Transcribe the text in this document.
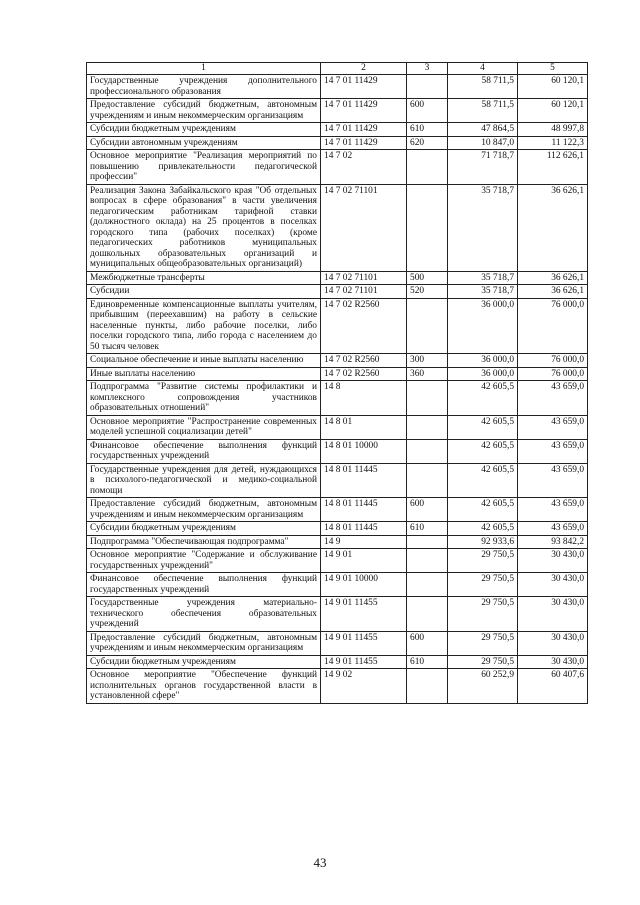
1	2	3	4	5
Государственные учреждения дополнительного профессионального образования	14 7 01 11429		58 711,5	60 120,1
Предоставление субсидий бюджетным, автономным учреждениям и иным некоммерческим организациям	14 7 01 11429	600	58 711,5	60 120,1
Субсидии бюджетным учреждениям	14 7 01 11429	610	47 864,5	48 997,8
Субсидии автономным учреждениям	14 7 01 11429	620	10 847,0	11 122,3
Основное мероприятие "Реализация мероприятий по повышению привлекательности педагогической профессии"	14 7 02		71 718,7	112 626,1
Реализация Закона Забайкальского края "Об отдельных вопросах в сфере образования" в части увеличения педагогическим работникам тарифной ставки (должностного оклада) на 25 процентов в поселках городского типа (рабочих поселках) (кроме педагогических работников муниципальных дошкольных образовательных организаций и муниципальных общеобразовательных организаций)	14 7 02 71101		35 718,7	36 626,1
Межбюджетные трансферты	14 7 02 71101	500	35 718,7	36 626,1
Субсидии	14 7 02 71101	520	35 718,7	36 626,1
Единовременные компенсационные выплаты учителям, прибывшим (переехавшим) на работу в сельские населенные пункты, либо рабочие поселки, либо поселки городского типа, либо города с населением до 50 тысяч человек	14 7 02 R2560		36 000,0	76 000,0
Социальное обеспечение и иные выплаты населению	14 7 02 R2560	300	36 000,0	76 000,0
Иные выплаты населению	14 7 02 R2560	360	36 000,0	76 000,0
Подпрограмма "Развитие системы профилактики и комплексного сопровождения участников образовательных отношений"	14 8		42 605,5	43 659,0
Основное мероприятие "Распространение современных моделей успешной социализации детей"	14 8 01		42 605,5	43 659,0
Финансовое обеспечение выполнения функций государственных учреждений	14 8 01 10000		42 605,5	43 659,0
Государственные учреждения для детей, нуждающихся в психолого-педагогической и медико-социальной помощи	14 8 01 11445		42 605,5	43 659,0
Предоставление субсидий бюджетным, автономным учреждениям и иным некоммерческим организациям	14 8 01 11445	600	42 605,5	43 659,0
Субсидии бюджетным учреждениям	14 8 01 11445	610	42 605,5	43 659,0
Подпрограмма "Обеспечивающая подпрограмма"	14 9		92 933,6	93 842,2
Основное мероприятие "Содержание и обслуживание государственных учреждений"	14 9 01		29 750,5	30 430,0
Финансовое обеспечение выполнения функций государственных учреждений	14 9 01 10000		29 750,5	30 430,0
Государственные учреждения материально-технического обеспечения образовательных учреждений	14 9 01 11455		29 750,5	30 430,0
Предоставление субсидий бюджетным, автономным учреждениям и иным некоммерческим организациям	14 9 01 11455	600	29 750,5	30 430,0
Субсидии бюджетным учреждениям	14 9 01 11455	610	29 750,5	30 430,0
Основное мероприятие "Обеспечение функций исполнительных органов государственной власти в установленной сфере"	14 9 02		60 252,9	60 407,6
43
